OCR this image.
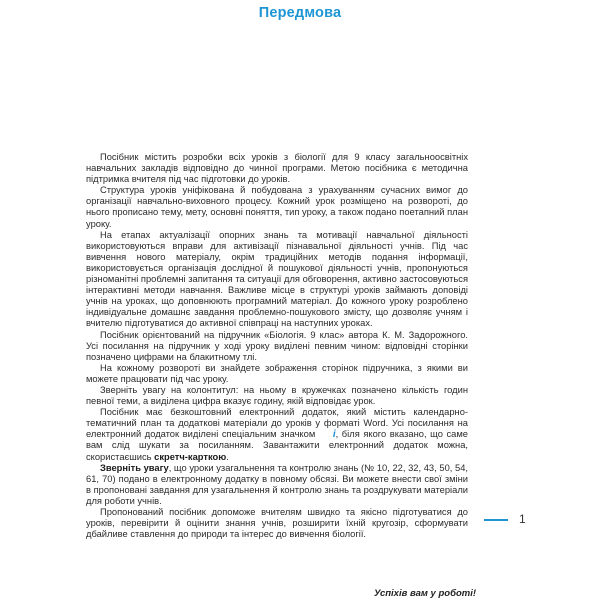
Передмова

Посібник містить розробки всіх уроків з біології для 9 класу загальноосвітніх навчальних закладів відповідно до чинної програми. Метою посібника є методична підтримка вчителя під час підготовки до уроків.

Структура уроків уніфікована й побудована з урахуванням сучасних вимог до організації навчально-виховного процесу. Кожний урок розміщено на розвороті, до нього прописано тему, мету, основні поняття, тип уроку, а також подано поетапний план уроку.

На етапах актуалізації опорних знань та мотивації навчальної діяльності використовуються вправи для активізації пізнавальної діяльності учнів. Під час вивчення нового матеріалу, окрім традиційних методів подання інформації, використовується організація дослідної й пошукової діяльності учнів, пропонуються різноманітні проблемні запитання та ситуації для обговорення, активно застосовуються інтерактивні методи навчання. Важливе місце в структурі уроків займають доповіді учнів на уроках, що доповнюють програмний матеріал. До кожного уроку розроблено індивідуальне домашнє завдання проблемно-пошукового змісту, що дозволяє учням і вчителю підготуватися до активної співпраці на наступних уроках.

Посібник орієнтований на підручник «Біологія. 9 клас» автора К. М. Задорожного. Усі посилання на підручник у ході уроку виділені певним чином: відповідні сторінки позначено цифрами на блакитному тлі.

На кожному розвороті ви знайдете зображення сторінок підручника, з якими ви можете працювати під час уроку.

Зверніть увагу на колонтитул: на ньому в кружечках позначено кількість годин певної теми, а виділена цифра вказує годину, якій відповідає урок.

Посібник має безкоштовний електронний додаток, який містить календарно-тематичний план та додаткові матеріали до уроків у форматі Word. Усі посилання на електронний додаток виділені спеціальним значком i, біля якого вказано, що саме вам слід шукати за посиланням. Завантажити електронний додаток можна, скористаєшись скретч-карткою.

Зверніть увагу, що уроки узагальнення та контролю знань (№ 10, 22, 32, 43, 50, 54, 61, 70) подано в електронному додатку в повному обсязі. Ви можете внести свої зміни в пропоновані завдання для узагальнення й контролю знань та роздрукувати матеріали для роботи учнів.

Пропонований посібник допоможе вчителям швидко та якісно підготуватися до уроків, перевірити й оцінити знання учнів, розширити їхній кругозір, сформувати дбайливе ставлення до природи та інтерес до вивчення біології.

Успіхів вам у роботі!
1
